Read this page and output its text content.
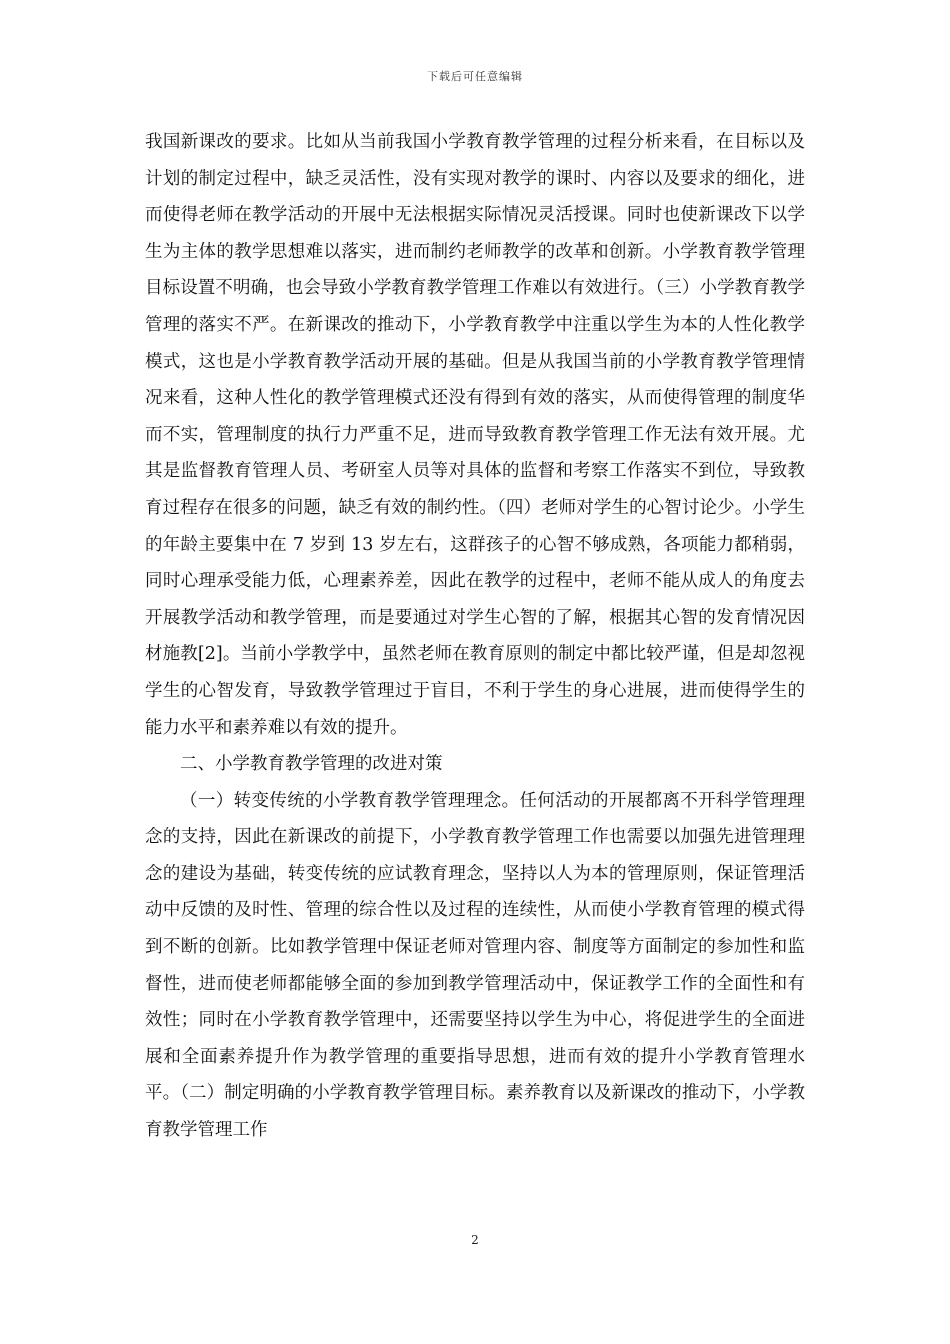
下载后可任意编辑

我国新课改的要求。比如从当前我国小学教育教学管理的过程分析来看，在目标以及计划的制定过程中，缺乏灵活性，没有实现对教学的课时、内容以及要求的细化，进而使得老师在教学活动的开展中无法根据实际情况灵活授课。同时也使新课改下以学生为主体的教学思想难以落实，进而制约老师教学的改革和创新。小学教育教学管理目标设置不明确，也会导致小学教育教学管理工作难以有效进行。（三）小学教育教学管理的落实不严。在新课改的推动下，小学教育教学中注重以学生为本的人性化教学模式，这也是小学教育教学活动开展的基础。但是从我国当前的小学教育教学管理情况来看，这种人性化的教学管理模式还没有得到有效的落实，从而使得管理的制度华而不实，管理制度的执行力严重不足，进而导致教育教学管理工作无法有效开展。尤其是监督教育管理人员、考研室人员等对具体的监督和考察工作落实不到位，导致教育过程存在很多的问题，缺乏有效的制约性。（四）老师对学生的心智讨论少。小学生的年龄主要集中在 7 岁到 13 岁左右，这群孩子的心智不够成熟，各项能力都稍弱，同时心理承受能力低，心理素养差，因此在教学的过程中，老师不能从成人的角度去开展教学活动和教学管理，而是要通过对学生心智的了解，根据其心智的发育情况因材施教[2]。当前小学教学中，虽然老师在教育原则的制定中都比较严谨，但是却忽视学生的心智发育，导致教学管理过于盲目，不利于学生的身心进展，进而使得学生的能力水平和素养难以有效的提升。

二、小学教育教学管理的改进对策

（一）转变传统的小学教育教学管理理念。任何活动的开展都离不开科学管理理念的支持，因此在新课改的前提下，小学教育教学管理工作也需要以加强先进管理理念的建设为基础，转变传统的应试教育理念，坚持以人为本的管理原则，保证管理活动中反馈的及时性、管理的综合性以及过程的连续性，从而使小学教育管理的模式得到不断的创新。比如教学管理中保证老师对管理内容、制度等方面制定的参加性和监督性，进而使老师都能够全面的参加到教学管理活动中，保证教学工作的全面性和有效性；同时在小学教育教学管理中，还需要坚持以学生为中心，将促进学生的全面进展和全面素养提升作为教学管理的重要指导思想，进而有效的提升小学教育管理水平。（二）制定明确的小学教育教学管理目标。素养教育以及新课改的推动下，小学教育教学管理工作

2
